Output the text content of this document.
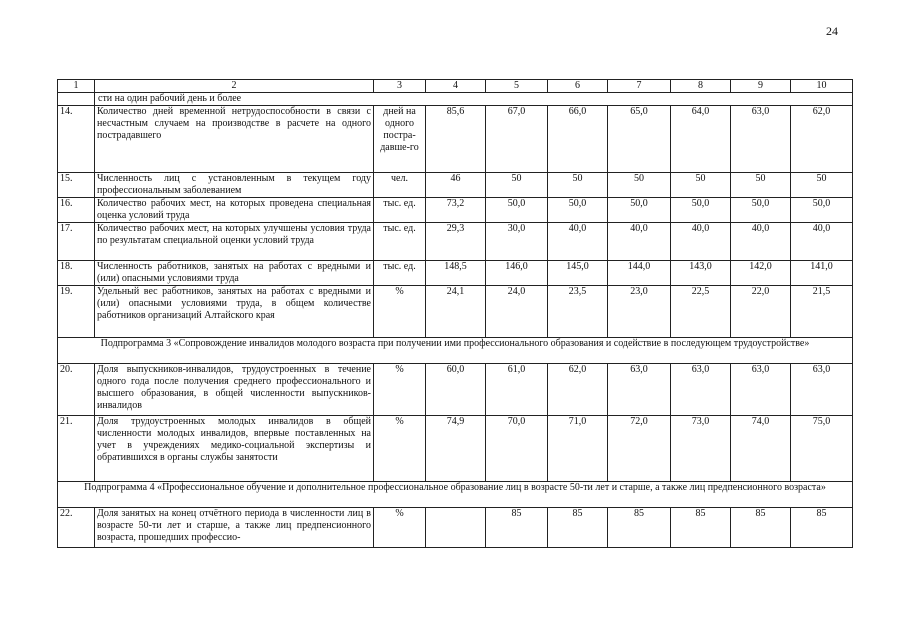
24
1	2	3	4	5	6	7	8	9	10
	сти на один рабочий день и более								
14.	Количество дней временной нетрудоспособности в связи с несчастным случаем на производстве в расчете на одного пострадавшего	дней на одного постра-давше-го	85,6	67,0	66,0	65,0	64,0	63,0	62,0
15.	Численность лиц с установленным в текущем году профессиональным заболеванием	чел.	46	50	50	50	50	50	50
16.	Количество рабочих мест, на которых проведена специальная оценка условий труда	тыс. ед.	73,2	50,0	50,0	50,0	50,0	50,0	50,0
17.	Количество рабочих мест, на которых улучшены условия труда по результатам специальной оценки условий труда	тыс. ед.	29,3	30,0	40,0	40,0	40,0	40,0	40,0
18.	Численность работников, занятых на работах с вредными и (или) опасными условиями труда	тыс. ед.	148,5	146,0	145,0	144,0	143,0	142,0	141,0
19.	Удельный вес работников, занятых на работах с вредными и (или) опасными условиями труда, в общем количестве работников организаций Алтайского края	%	24,1	24,0	23,5	23,0	22,5	22,0	21,5
Подпрограмма 3 «Сопровождение инвалидов молодого возраста при получении ими профессионального образования и содействие в последующем трудоустройстве»									
20.	Доля выпускников-инвалидов, трудоустроенных в течение одного года после получения среднего профессионального и высшего образования, в общей численности выпускников-инвалидов	%	60,0	61,0	62,0	63,0	63,0	63,0	63,0
21.	Доля трудоустроенных молодых инвалидов в общей численности молодых инвалидов, впервые поставленных на учет в учреждениях медико-социальной экспертизы и обратившихся в органы службы занятости	%	74,9	70,0	71,0	72,0	73,0	74,0	75,0
Подпрограмма 4 «Профессиональное обучение и дополнительное профессиональное образование лиц в возрасте 50-ти лет и старше, а также лиц предпенсионного возраста»									
22.	Доля занятых на конец отчётного периода в численности лиц в возрасте 50-ти лет и старше, а также лиц предпенсионного возраста, прошедших профессио-	%		85	85	85	85	85	85
